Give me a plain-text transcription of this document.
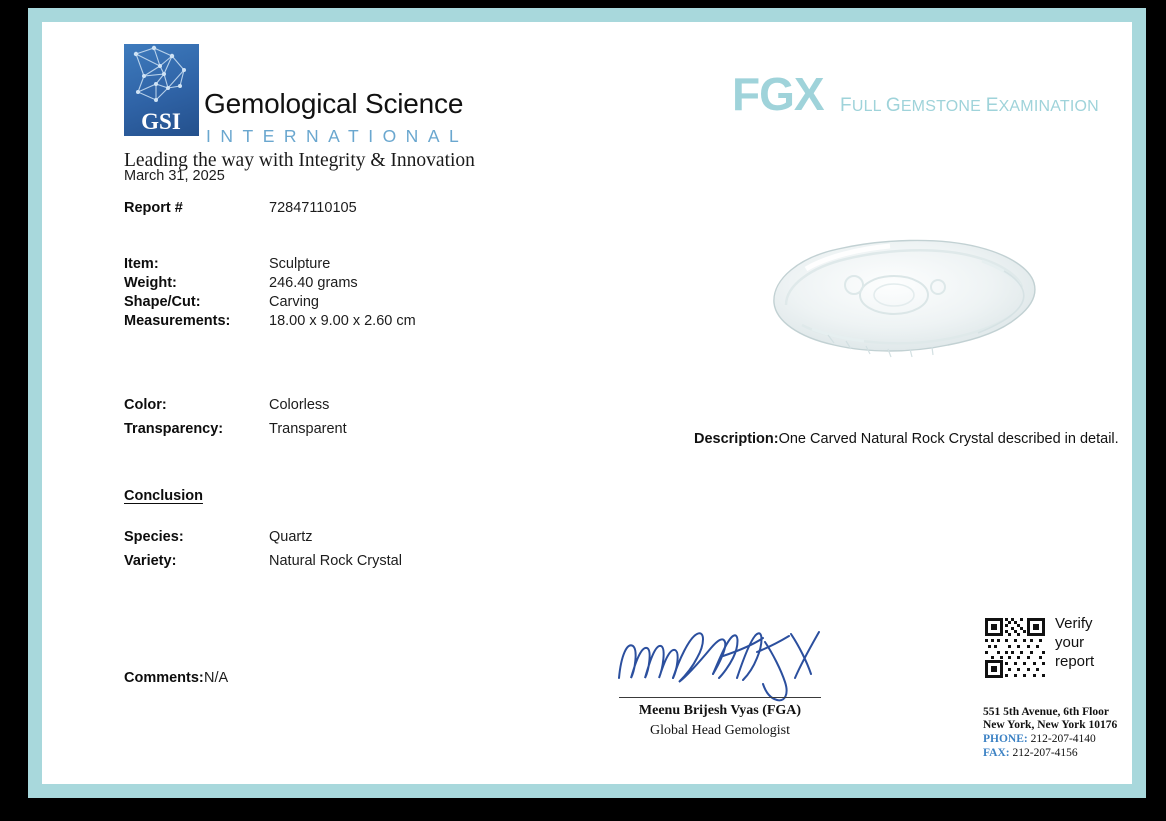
GSI
Gemological Science
INTERNATIONAL
Leading the way with Integrity & Innovation
FGX FULL GEMSTONE EXAMINATION
March 31, 2025
Report #	72847110105
Item:	Sculpture
Weight:	246.40 grams
Shape/Cut:	Carving
Measurements:	18.00 x 9.00 x 2.60 cm
Color:	Colorless
Transparency:	Transparent
Conclusion
Species:	Quartz
Variety:	Natural Rock Crystal
Comments:N/A
Description:One Carved Natural Rock Crystal described in detail.
Meenu Brijesh Vyas (FGA)
Global Head Gemologist
Verify
your
report
551 5th Avenue, 6th Floor
New York, New York 10176
PHONE: 212-207-4140
FAX: 212-207-4156
